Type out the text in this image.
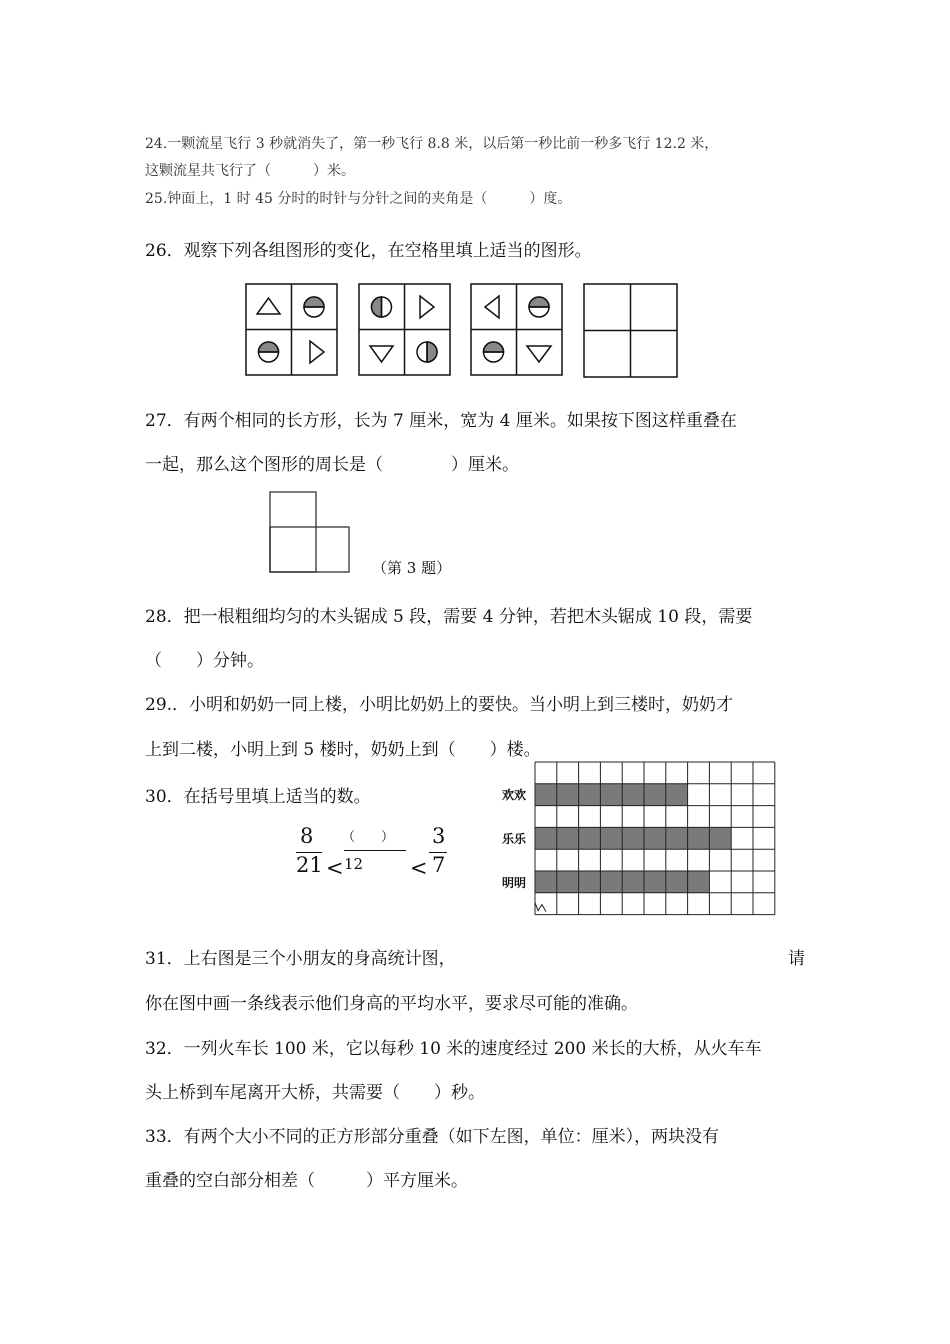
24.一颗流星飞行 3 秒就消失了，第一秒飞行 8.8 米，以后第一秒比前一秒多飞行 12.2 米，
这颗流星共飞行了（　　　）米。
25.钟面上，1 时 45 分时的时针与分针之间的夹角是（　　　）度。
26．观察下列各组图形的变化，在空格里填上适当的图形。
27．有两个相同的长方形，长为 7 厘米，宽为 4 厘米。如果按下图这样重叠在
一起，那么这个图形的周长是（　　　　）厘米。
（第 3 题）
28．把一根粗细均匀的木头锯成 5 段，需要 4 分钟，若把木头锯成 10 段，需要
（　　）分钟。
29.．小明和奶奶一同上楼，小明比奶奶上的要快。当小明上到三楼时，奶奶才
上到二楼，小明上到 5 楼时，奶奶上到（　　）楼。
30．在括号里填上适当的数。
8
21 <
（　　）
12 <
3
7
欢欢
乐乐
明明
31．上右图是三个小朋友的身高统计图，	请
你在图中画一条线表示他们身高的平均水平，要求尽可能的准确。
32．一列火车长 100 米，它以每秒 10 米的速度经过 200 米长的大桥，从火车车
头上桥到车尾离开大桥，共需要（　　）秒。
33．有两个大小不同的正方形部分重叠（如下左图，单位：厘米），两块没有
重叠的空白部分相差（　　　）平方厘米。
